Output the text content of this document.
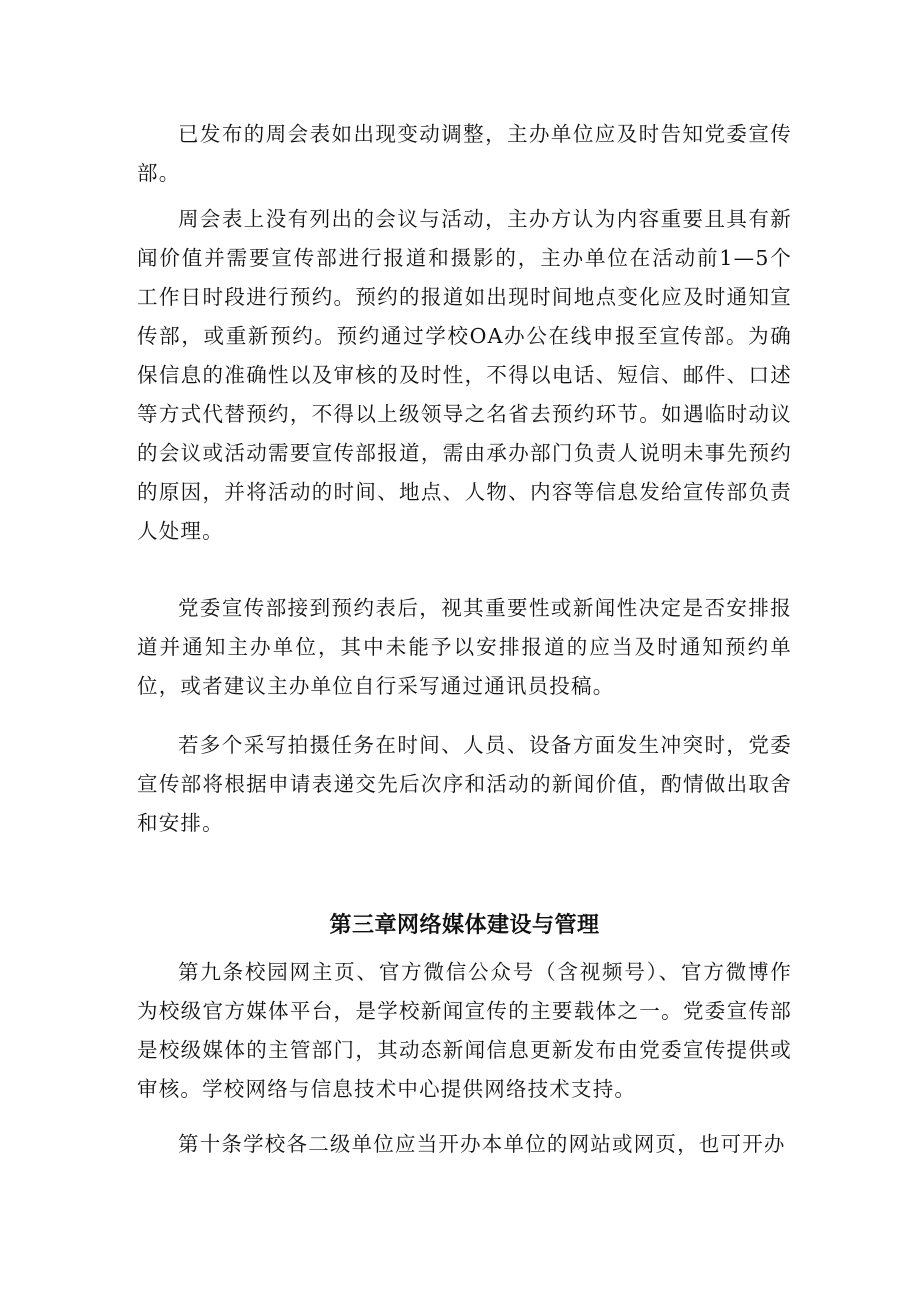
已发布的周会表如出现变动调整，主办单位应及时告知党委宣传部。

周会表上没有列出的会议与活动，主办方认为内容重要且具有新闻价值并需要宣传部进行报道和摄影的，主办单位在活动前1—5个工作日时段进行预约。预约的报道如出现时间地点变化应及时通知宣传部，或重新预约。预约通过学校OA办公在线申报至宣传部。为确保信息的准确性以及审核的及时性，不得以电话、短信、邮件、口述等方式代替预约，不得以上级领导之名省去预约环节。如遇临时动议的会议或活动需要宣传部报道，需由承办部门负责人说明未事先预约的原因，并将活动的时间、地点、人物、内容等信息发给宣传部负责人处理。

党委宣传部接到预约表后，视其重要性或新闻性决定是否安排报道并通知主办单位，其中未能予以安排报道的应当及时通知预约单位，或者建议主办单位自行采写通过通讯员投稿。

若多个采写拍摄任务在时间、人员、设备方面发生冲突时，党委宣传部将根据申请表递交先后次序和活动的新闻价值，酌情做出取舍和安排。

第三章网络媒体建设与管理

第九条校园网主页、官方微信公众号（含视频号）、官方微博作为校级官方媒体平台，是学校新闻宣传的主要载体之一。党委宣传部是校级媒体的主管部门，其动态新闻信息更新发布由党委宣传提供或审核。学校网络与信息技术中心提供网络技术支持。

第十条学校各二级单位应当开办本单位的网站或网页，也可开办
